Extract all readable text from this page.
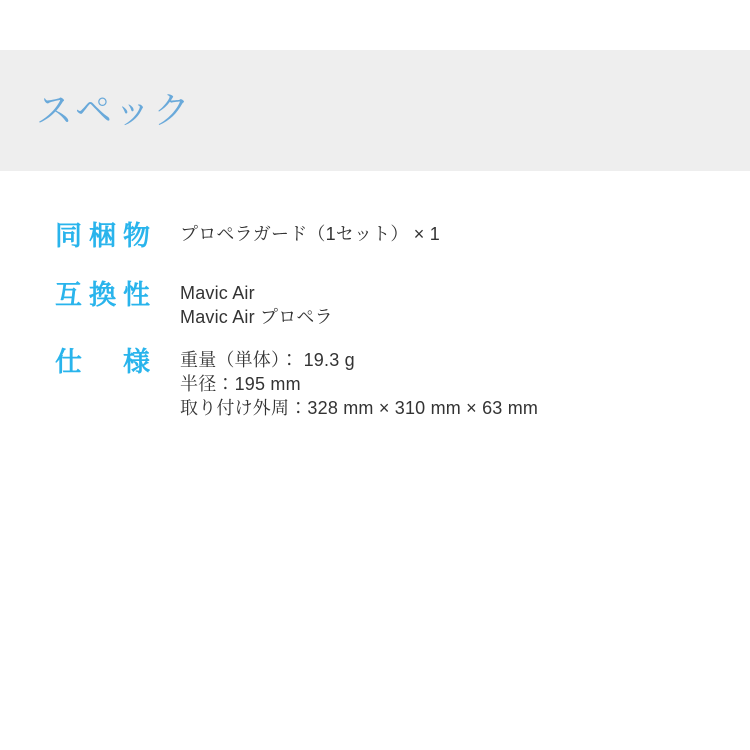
スペック
同梱物 プロペラガード（1セット） × 1
互換性 Mavic Air
Mavic Air プロペラ
仕様 重量（単体）： 19.3 g
半径：195 mm
取り付け外周：328 mm × 310 mm × 63 mm
